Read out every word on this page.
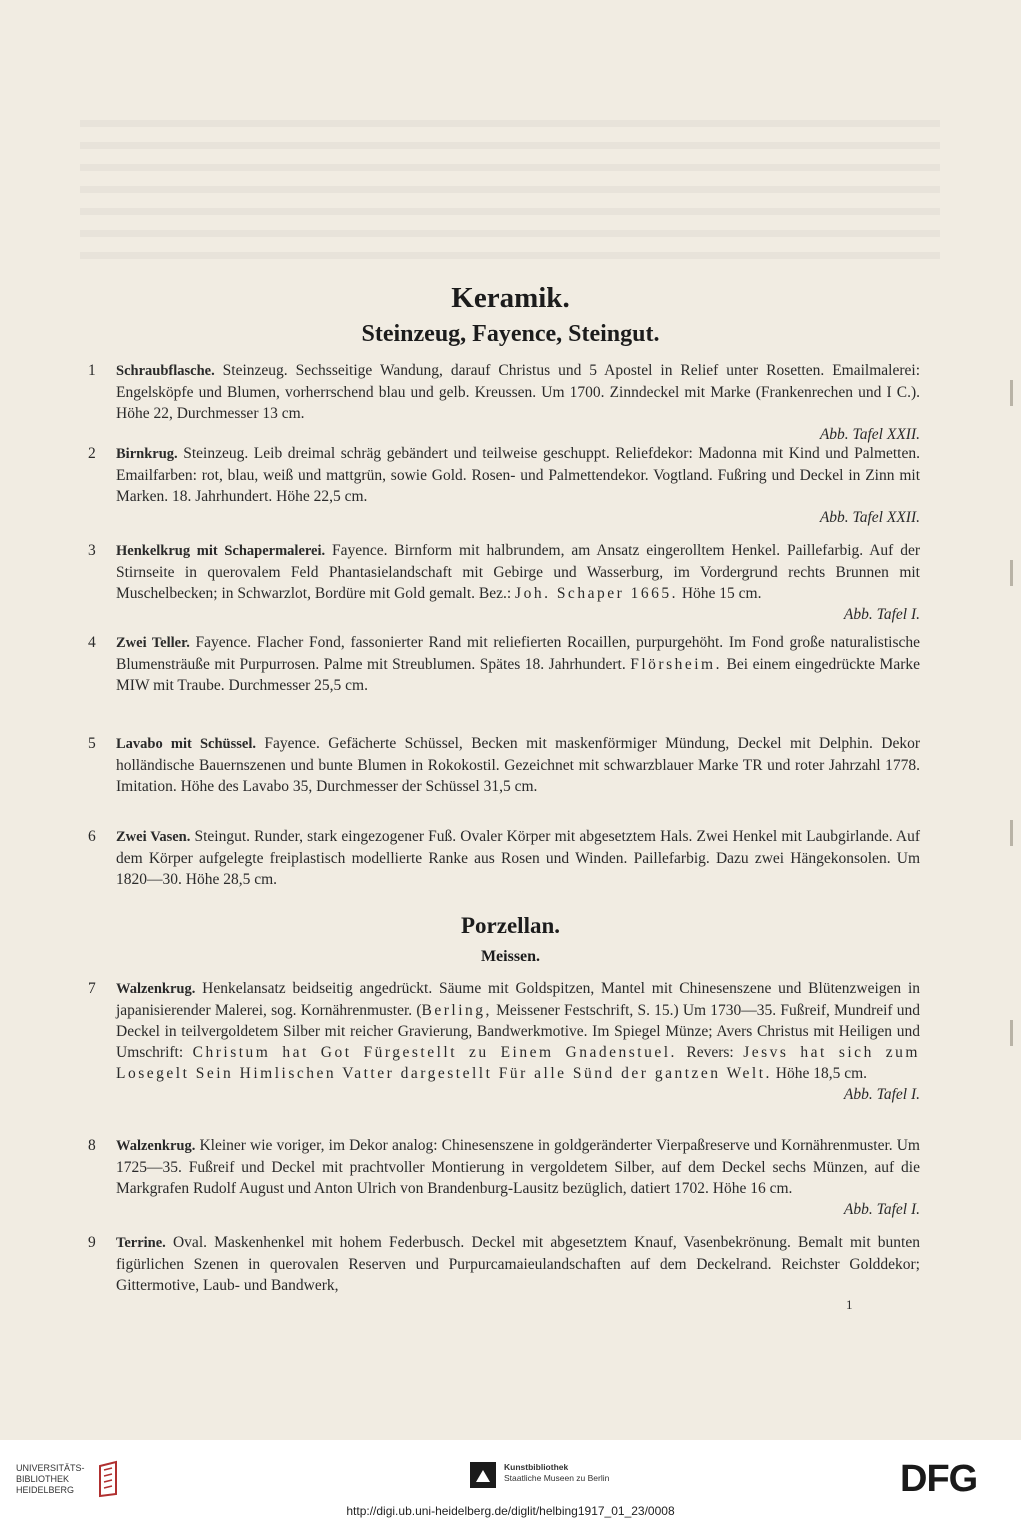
Keramik.
Steinzeug, Fayence, Steingut.
1	Schraubflasche. Steinzeug. Sechsseitige Wandung, darauf Christus und 5 Apostel in Relief unter Rosetten. Emailmalerei: Engelsköpfe und Blumen, vorherrschend blau und gelb. Kreussen. Um 1700. Zinndeckel mit Marke (Frankenrechen und I C.). Höhe 22, Durchmesser 13 cm.
Abb. Tafel XXII.
2	Birnkrug. Steinzeug. Leib dreimal schräg gebändert und teilweise geschuppt. Reliefdekor: Madonna mit Kind und Palmetten. Emailfarben: rot, blau, weiß und mattgrün, sowie Gold. Rosen- und Palmettendekor. Vogtland. Fußring und Deckel in Zinn mit Marken. 18. Jahrhundert. Höhe 22,5 cm.
Abb. Tafel XXII.
3	Henkelkrug mit Schapermalerei. Fayence. Birnform mit halbrundem, am Ansatz eingerolltem Henkel. Paillefarbig. Auf der Stirnseite in querovalem Feld Phantasielandschaft mit Gebirge und Wasserburg, im Vordergrund rechts Brunnen mit Muschelbecken; in Schwarzlot, Bordüre mit Gold gemalt. Bez.: Joh. Schaper 1665. Höhe 15 cm.
Abb. Tafel I.
4	Zwei Teller. Fayence. Flacher Fond, fassonierter Rand mit reliefierten Rocaillen, purpurgehöht. Im Fond große naturalistische Blumensträuße mit Purpurrosen. Palme mit Streublumen. Spätes 18. Jahrhundert. Flörsheim. Bei einem eingedrückte Marke MIW mit Traube. Durchmesser 25,5 cm.
5	Lavabo mit Schüssel. Fayence. Gefächerte Schüssel, Becken mit maskenförmiger Mündung, Deckel mit Delphin. Dekor holländische Bauernszenen und bunte Blumen in Rokokostil. Gezeichnet mit schwarzblauer Marke TR und roter Jahrzahl 1778. Imitation. Höhe des Lavabo 35, Durchmesser der Schüssel 31,5 cm.
6	Zwei Vasen. Steingut. Runder, stark eingezogener Fuß. Ovaler Körper mit abgesetztem Hals. Zwei Henkel mit Laubgirlande. Auf dem Körper aufgelegte freiplastisch modellierte Ranke aus Rosen und Winden. Paillefarbig. Dazu zwei Hängekonsolen. Um 1820—30. Höhe 28,5 cm.
Porzellan.
Meissen.
7	Walzenkrug. Henkelansatz beidseitig angedrückt. Säume mit Goldspitzen, Mantel mit Chinesenszene und Blütenzweigen in japanisierender Malerei, sog. Kornährenmuster. (Berling, Meissener Festschrift, S. 15.) Um 1730—35. Fußreif, Mundreif und Deckel in teilvergoldetem Silber mit reicher Gravierung, Bandwerkmotive. Im Spiegel Münze; Avers Christus mit Heiligen und Umschrift: Christum hat Got Fürgestellt zu Einem Gnadenstuel. Revers: Jesvs hat sich zum Losegelt Sein Himlischen Vatter dargestellt Für alle Sünd der gantzen Welt. Höhe 18,5 cm.
Abb. Tafel I.
8	Walzenkrug. Kleiner wie voriger, im Dekor analog: Chinesenszene in goldgeränderter Vierpaßreserve und Kornährenmuster. Um 1725—35. Fußreif und Deckel mit prachtvoller Montierung in vergoldetem Silber, auf dem Deckel sechs Münzen, auf die Markgrafen Rudolf August und Anton Ulrich von Brandenburg-Lausitz bezüglich, datiert 1702. Höhe 16 cm.
Abb. Tafel I.
9	Terrine. Oval. Maskenhenkel mit hohem Federbusch. Deckel mit abgesetztem Knauf, Vasenbekrönung. Bemalt mit bunten figürlichen Szenen in querovalen Reserven und Purpurcamaieulandschaften auf dem Deckelrand. Reichster Golddekor; Gittermotive, Laub- und Bandwerk,
1
UNIVERSITÄTS-
BIBLIOTHEK
HEIDELBERG
Kunstbibliothek
Staatliche Museen zu Berlin	DFG
http://digi.ub.uni-heidelberg.de/diglit/helbing1917_01_23/0008
